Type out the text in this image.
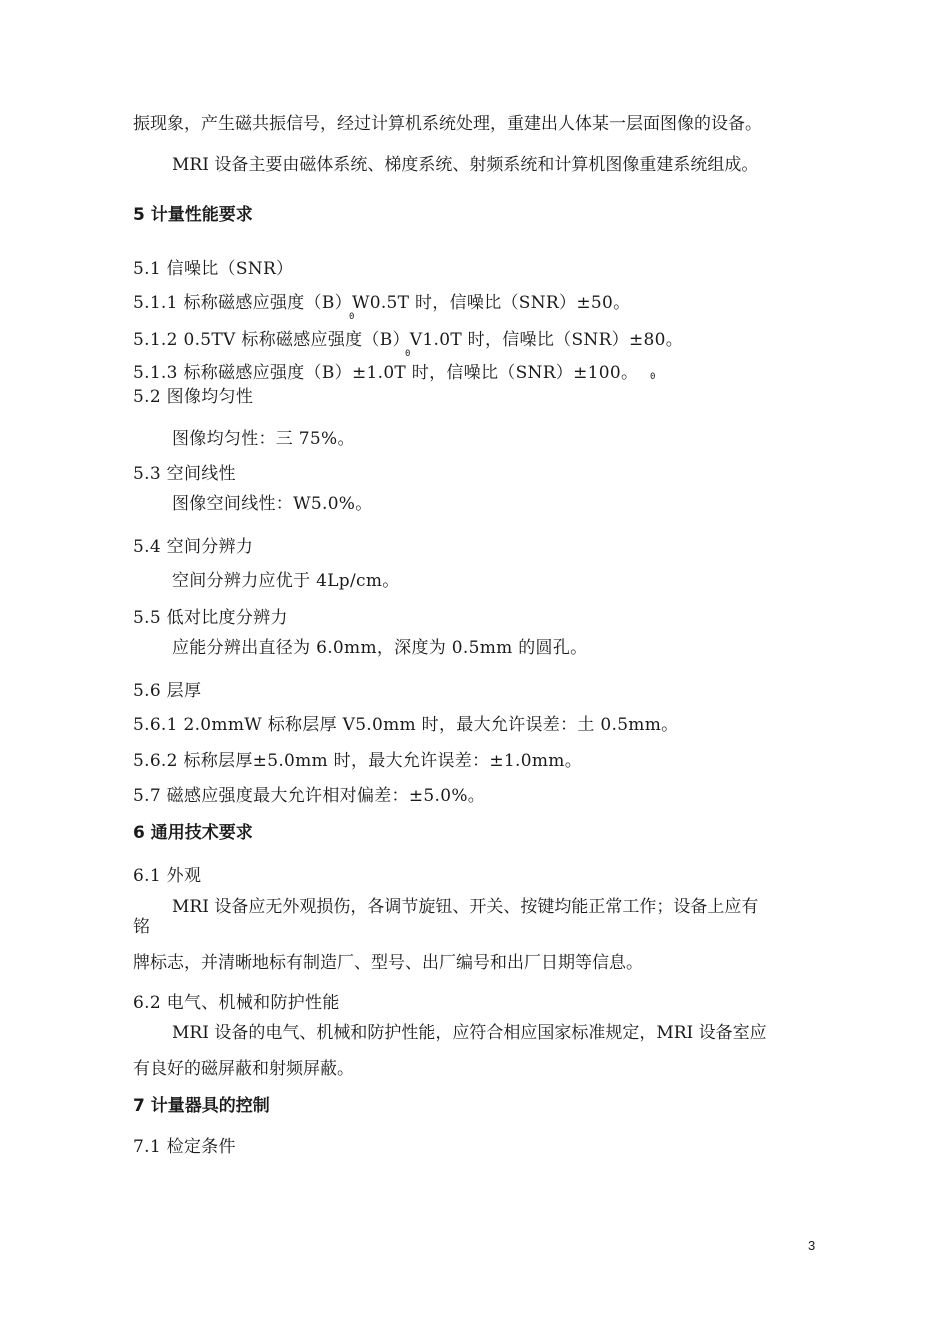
振现象，产生磁共振信号，经过计算机系统处理，重建出人体某一层面图像的设备。
MRI 设备主要由磁体系统、梯度系统、射频系统和计算机图像重建系统组成。
5 计量性能要求
5.1 信噪比（SNR）
5.1.1 标称磁感应强度（B）W0.5T 时，信噪比（SNR）±50。
0
5.1.2 0.5TV 标称磁感应强度（B）V1.0T 时，信噪比（SNR）±80。
0
5.1.3 标称磁感应强度（B）±1.0T 时，信噪比（SNR）±100。 0
5.2 图像均匀性
图像均匀性：三 75%。
5.3 空间线性
图像空间线性：W5.0%。
5.4 空间分辨力
空间分辨力应优于 4Lp/cm。
5.5 低对比度分辨力
应能分辨出直径为 6.0mm，深度为 0.5mm 的圆孔。
5.6 层厚
5.6.1 2.0mmW 标称层厚 V5.0mm 时，最大允许误差：土 0.5mm。
5.6.2 标称层厚±5.0mm 时，最大允许误差：±1.0mm。
5.7 磁感应强度最大允许相对偏差：±5.0%。
6 通用技术要求
6.1 外观
MRI 设备应无外观损伤，各调节旋钮、开关、按键均能正常工作；设备上应有
铭
牌标志，并清晰地标有制造厂、型号、出厂编号和出厂日期等信息。
6.2 电气、机械和防护性能
MRI 设备的电气、机械和防护性能，应符合相应国家标准规定，MRI 设备室应
有良好的磁屏蔽和射频屏蔽。
7 计量器具的控制
7.1 检定条件
3
